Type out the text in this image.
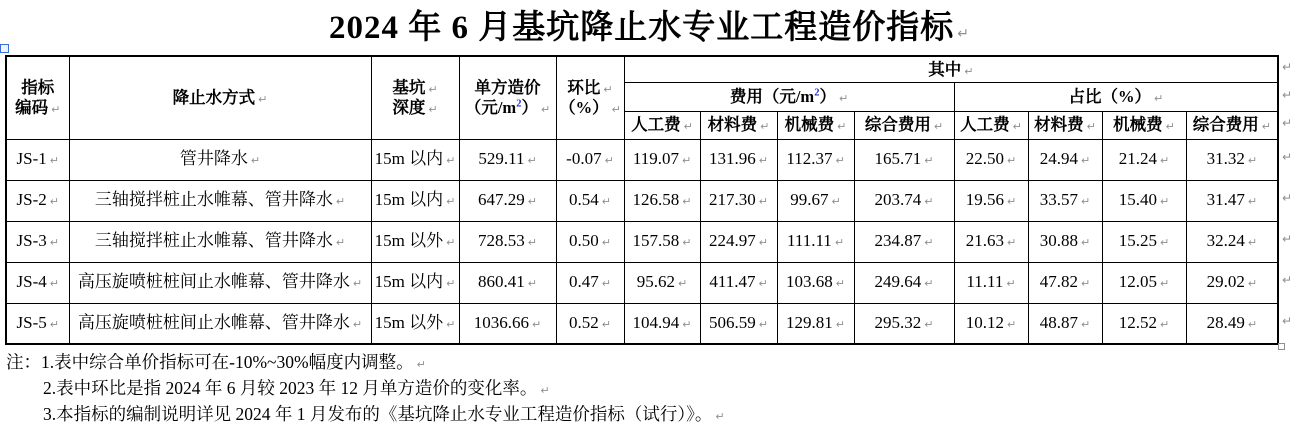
2024 年 6 月基坑降止水专业工程造价指标 ↵
指标
编码 ↵
	降止水方式 ↵	
基坑 ↵
深度 ↵

单方造价
（元$/m^2$） ↵

环比 ↵
（%） ↵
	其中 ↵
					费用（元$/m^2$） ↵				占比（%） ↵			
					人工费 ↵	材料费 ↵	机械费 ↵	综合费用 ↵	人工费 ↵	材料费 ↵	机械费 ↵	综合费用 ↵
JS-1 ↵	管井降水 ↵	15m 以内 ↵	529.11 ↵	-0.07 ↵	119.07 ↵	131.96 ↵	112.37 ↵	165.71 ↵	22.50 ↵	24.94 ↵	21.24 ↵	31.32 ↵
JS-2 ↵	三轴搅拌桩止水帷幕、管井降水 ↵	15m 以内 ↵	647.29 ↵	0.54 ↵	126.58 ↵	217.30 ↵	99.67 ↵	203.74 ↵	19.56 ↵	33.57 ↵	15.40 ↵	31.47 ↵
JS-3 ↵	三轴搅拌桩止水帷幕、管井降水 ↵	15m 以外 ↵	728.53 ↵	0.50 ↵	157.58 ↵	224.97 ↵	111.11 ↵	234.87 ↵	21.63 ↵	30.88 ↵	15.25 ↵	32.24 ↵
JS-4 ↵	高压旋喷桩桩间止水帷幕、管井降水 ↵	15m 以内 ↵	860.41 ↵	0.47 ↵	95.62 ↵	411.47 ↵	103.68 ↵	249.64 ↵	11.11 ↵	47.82 ↵	12.05 ↵	29.02 ↵
JS-5 ↵	高压旋喷桩桩间止水帷幕、管井降水 ↵	15m 以外 ↵	1036.66 ↵	0.52 ↵	104.94 ↵	506.59 ↵	129.81 ↵	295.32 ↵	10.12 ↵	48.87 ↵	12.52 ↵	28.49 ↵
↵
↵
↵
↵
↵
↵
↵
↵
注：1.表中综合单价指标可在-10%~30%幅度内调整。 ↵
2.表中环比是指 2024 年 6 月较 2023 年 12 月单方造价的变化率。 ↵
3.本指标的编制说明详见 2024 年 1 月发布的《基坑降止水专业工程造价指标（试行）》。 ↵
